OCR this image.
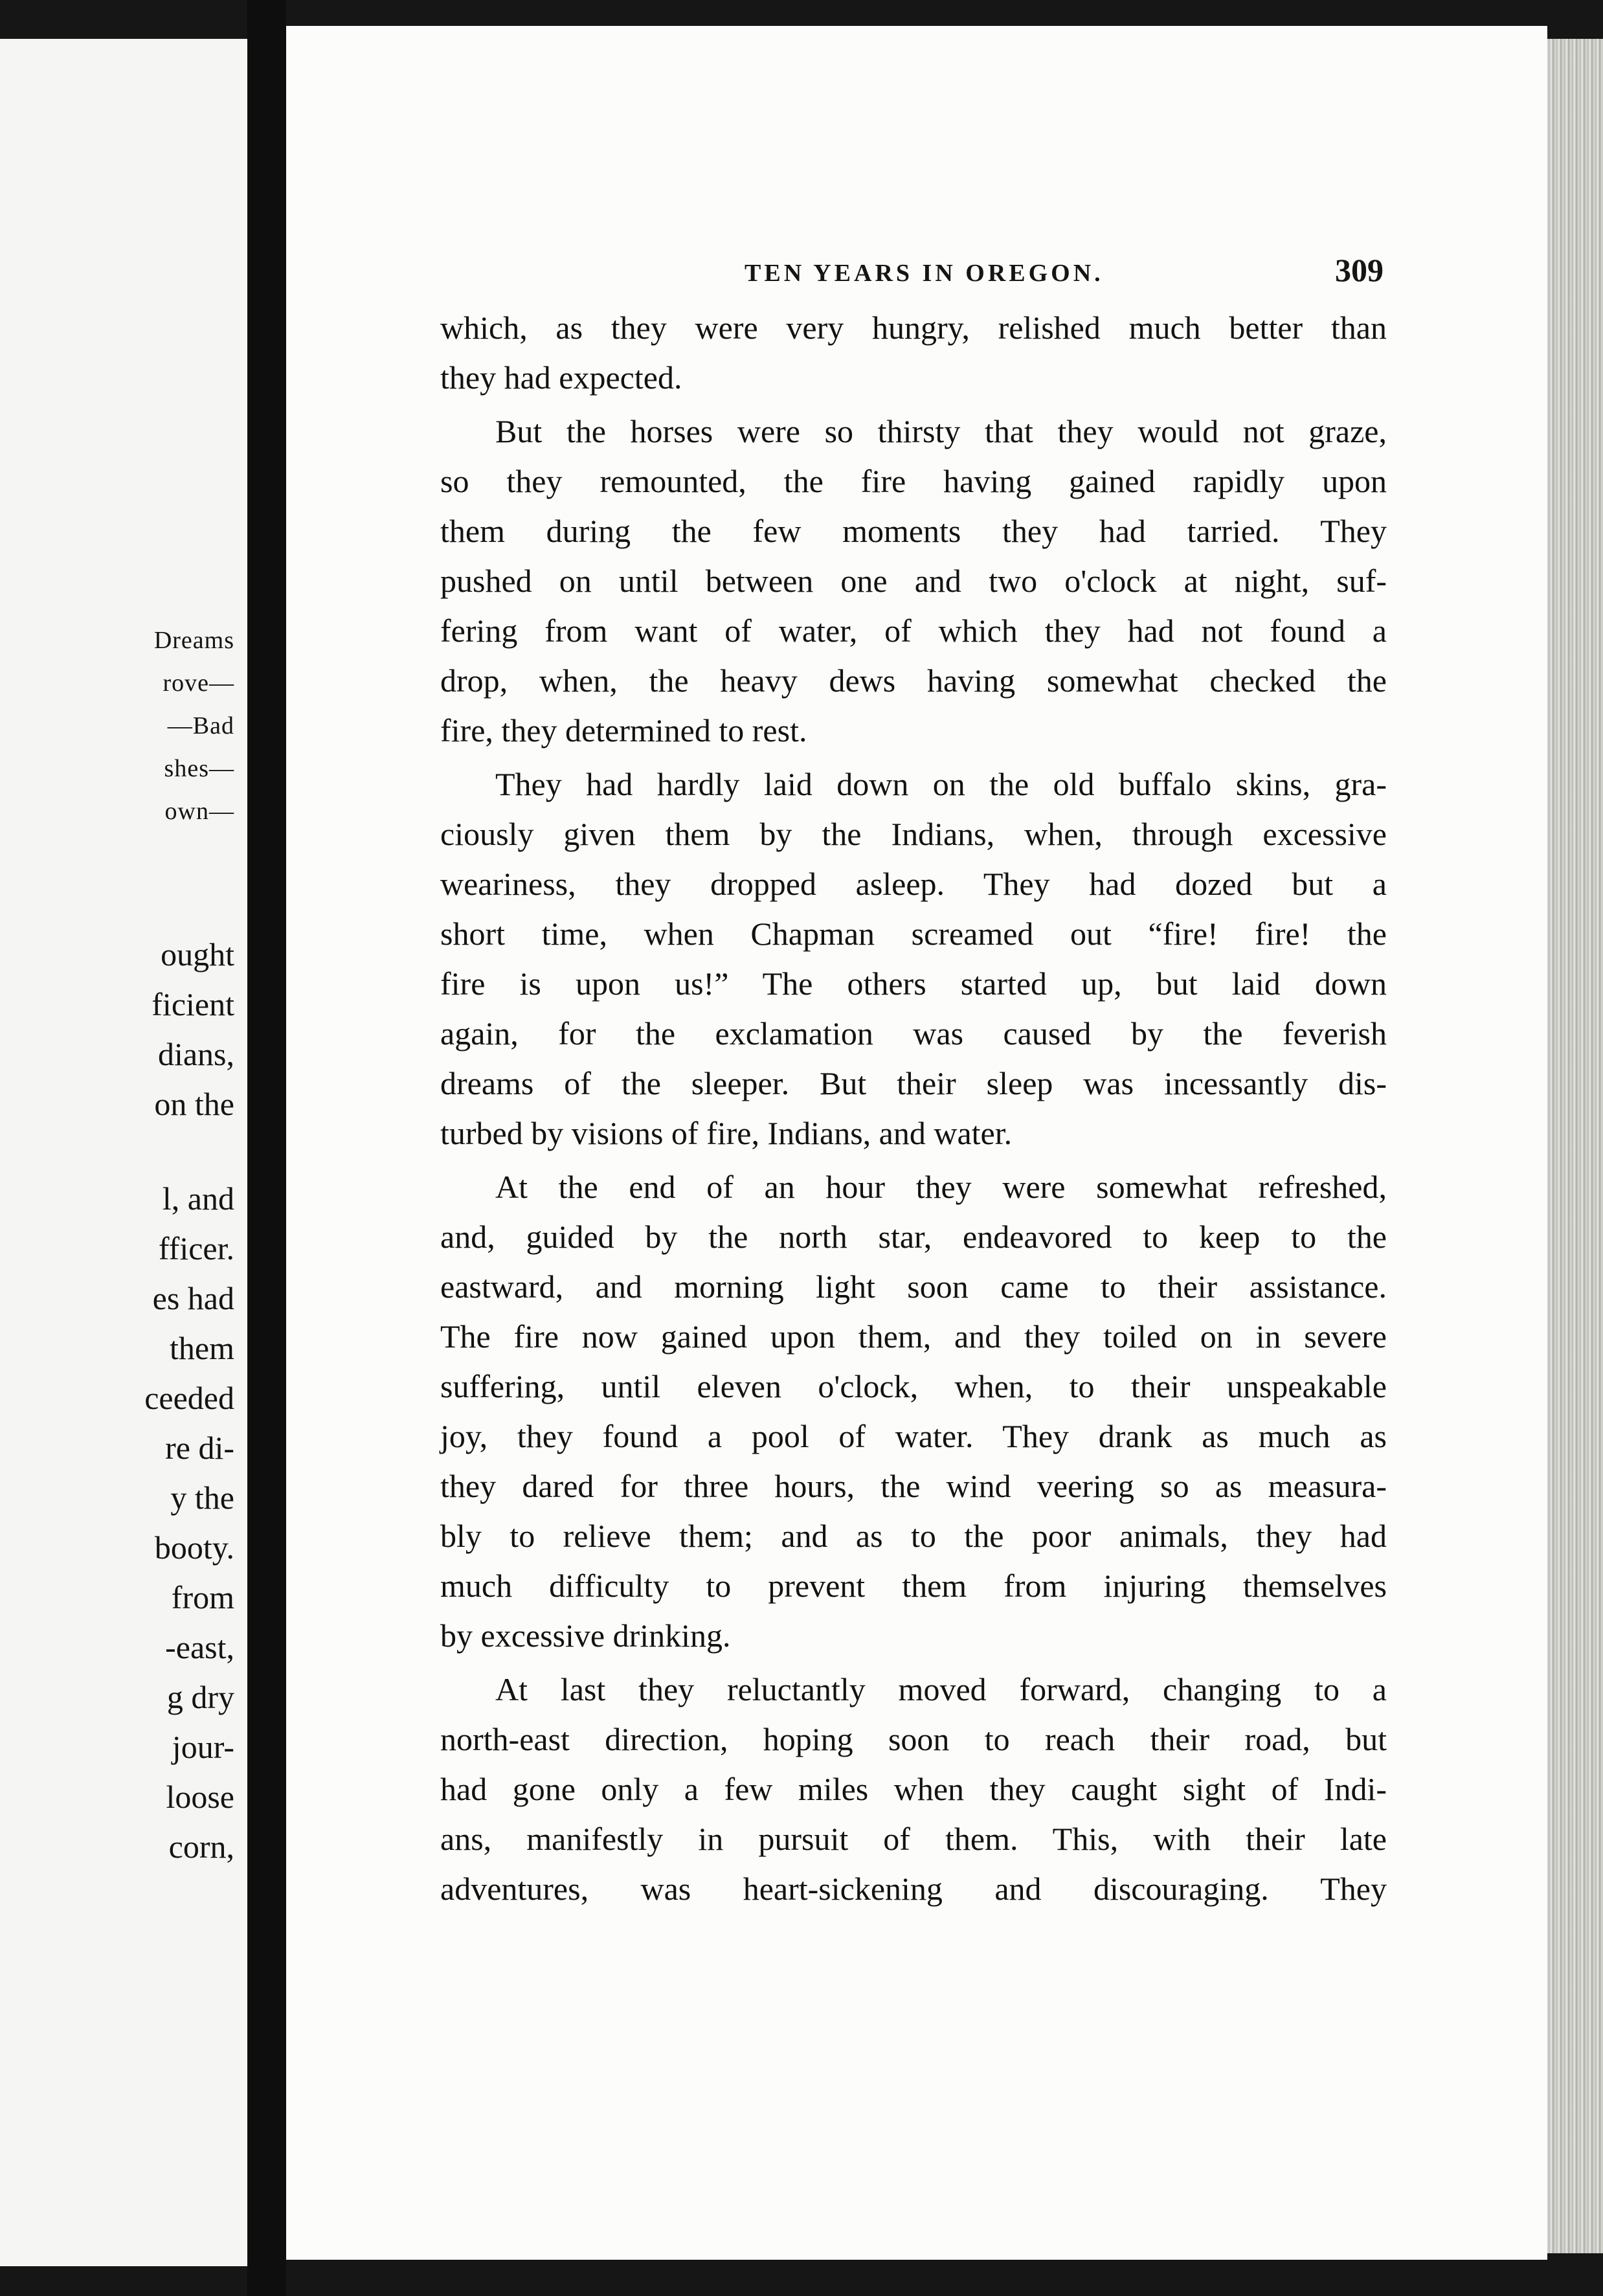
Dreams
rove—
—Bad
shes—
own—
ought
ficient
dians,
on the
l, and
fficer.
es had
them
ceeded
re di-
y the
booty.
from
-east,
g dry
jour-
loose
corn,
TEN YEARS IN OREGON.	309
which, as they were very hungry, relished much better than
they had expected.
But the horses were so thirsty that they would not graze,
so they remounted, the fire having gained rapidly upon
them during the few moments they had tarried. They
pushed on until between one and two o'clock at night, suf-
fering from want of water, of which they had not found a
drop, when, the heavy dews having somewhat checked the
fire, they determined to rest.
They had hardly laid down on the old buffalo skins, gra-
ciously given them by the Indians, when, through excessive
weariness, they dropped asleep. They had dozed but a
short time, when Chapman screamed out “fire! fire! the
fire is upon us!” The others started up, but laid down
again, for the exclamation was caused by the feverish
dreams of the sleeper. But their sleep was incessantly dis-
turbed by visions of fire, Indians, and water.
At the end of an hour they were somewhat refreshed,
and, guided by the north star, endeavored to keep to the
eastward, and morning light soon came to their assistance.
The fire now gained upon them, and they toiled on in severe
suffering, until eleven o'clock, when, to their unspeakable
joy, they found a pool of water. They drank as much as
they dared for three hours, the wind veering so as measura-
bly to relieve them; and as to the poor animals, they had
much difficulty to prevent them from injuring themselves
by excessive drinking.
At last they reluctantly moved forward, changing to a
north-east direction, hoping soon to reach their road, but
had gone only a few miles when they caught sight of Indi-
ans, manifestly in pursuit of them. This, with their late
adventures, was heart-sickening and discouraging. They
